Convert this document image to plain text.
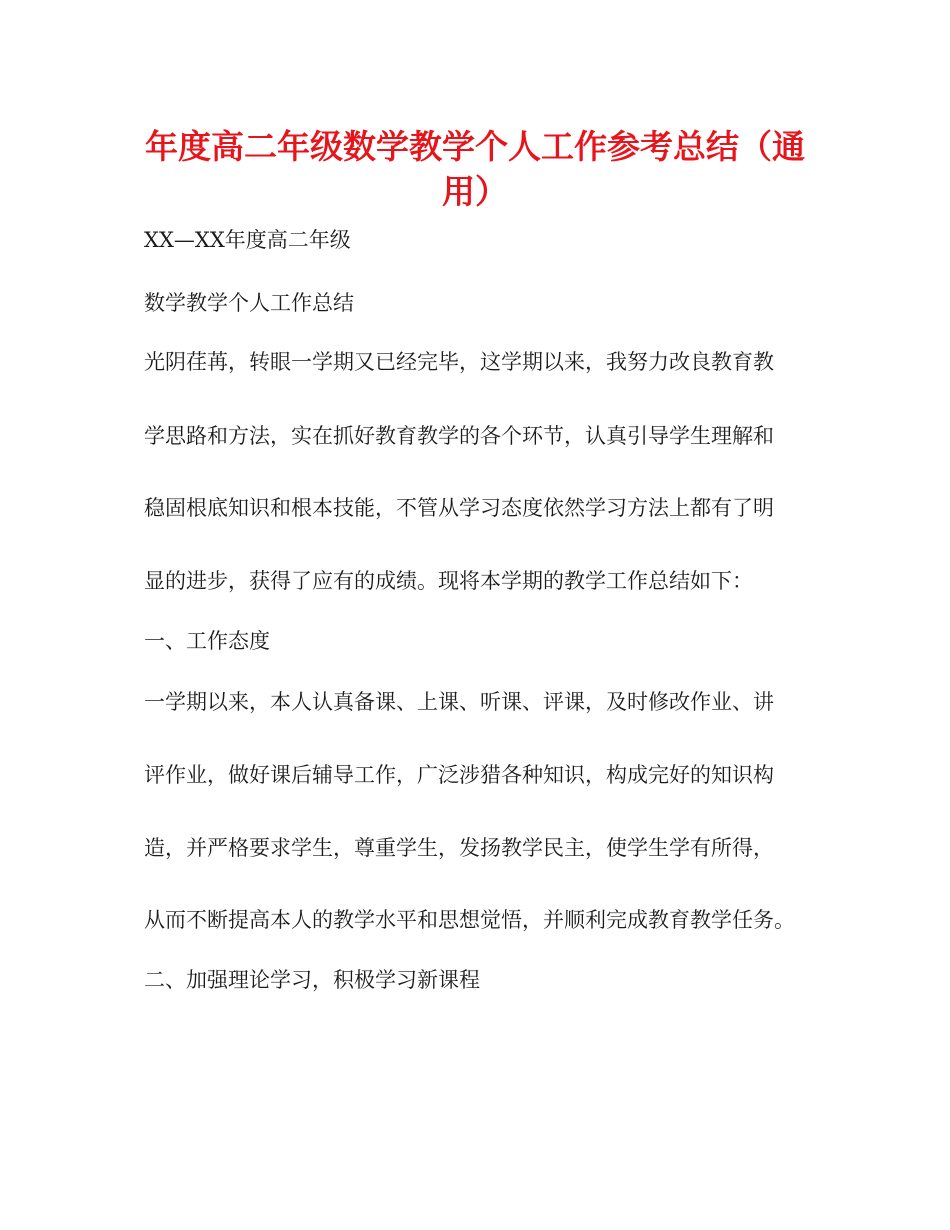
年度高二年级数学教学个人工作参考总结（通
用）

XX—XX年度高二年级

数学教学个人工作总结

光阴荏苒，转眼一学期又已经完毕，这学期以来，我努力改良教育教

学思路和方法，实在抓好教育教学的各个环节，认真引导学生理解和

稳固根底知识和根本技能，不管从学习态度依然学习方法上都有了明

显的进步，获得了应有的成绩。现将本学期的教学工作总结如下：

一、工作态度

一学期以来，本人认真备课、上课、听课、评课，及时修改作业、讲

评作业，做好课后辅导工作，广泛涉猎各种知识，构成完好的知识构

造，并严格要求学生，尊重学生，发扬教学民主，使学生学有所得，

从而不断提高本人的教学水平和思想觉悟，并顺利完成教育教学任务。

二、加强理论学习，积极学习新课程
